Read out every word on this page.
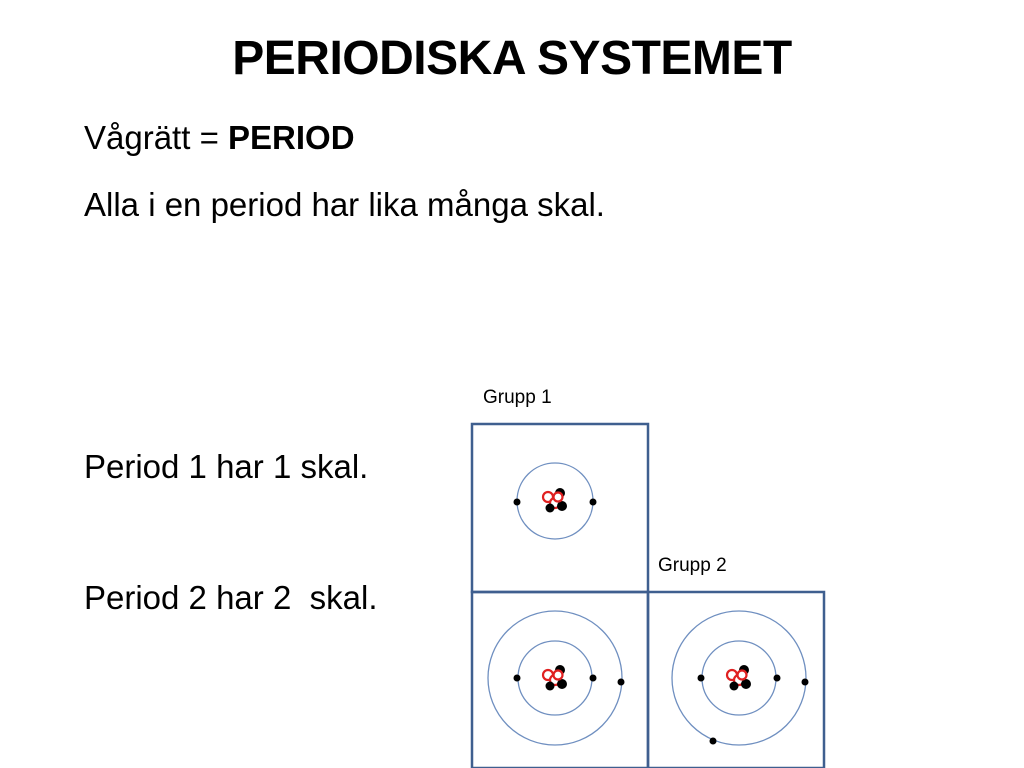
PERIODISKA SYSTEMET
Vågrätt = PERIOD
Alla i en period har lika många skal.
Period 1 har 1 skal.
Period 2 har 2  skal.
Grupp 1
Grupp 2
